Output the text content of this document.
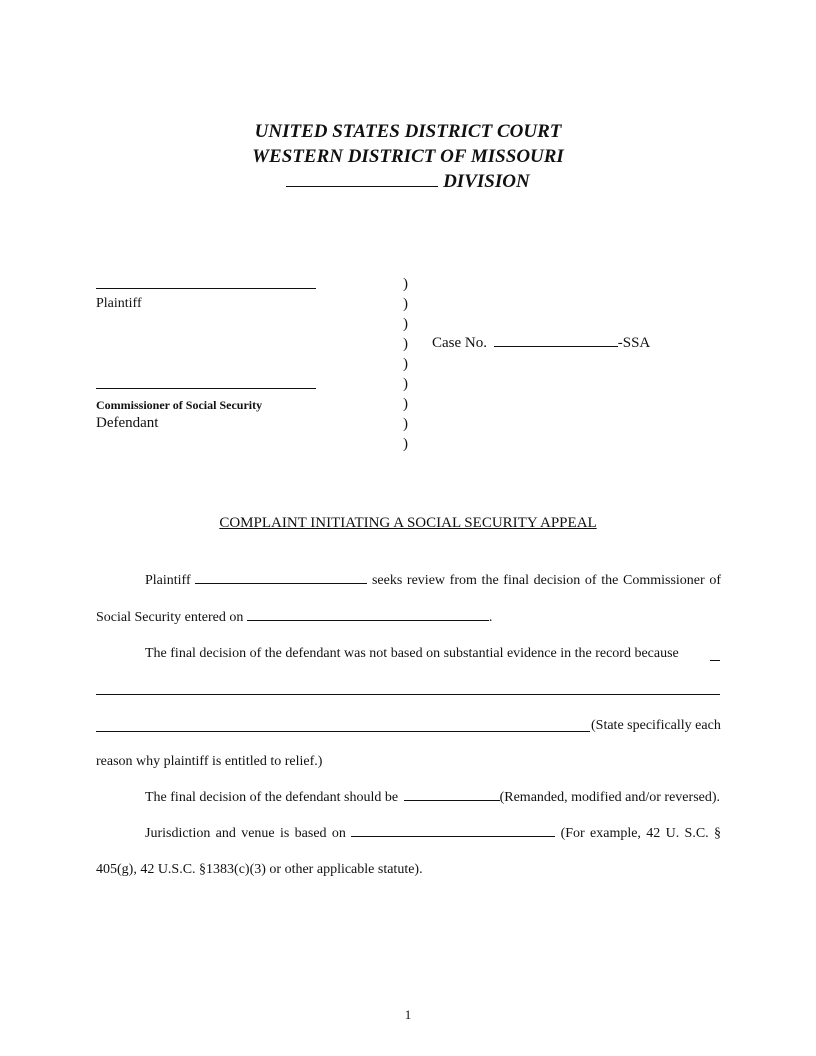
UNITED STATES DISTRICT COURT
WESTERN DISTRICT OF MISSOURI
DIVISION
Plaintiff
Commissioner of Social Security
Defendant
)
)
)
)
)
)
)
)
)
Case No.	-SSA
COMPLAINT INITIATING A SOCIAL SECURITY APPEAL
Plaintiff	seeks review from the final decision of the Commissioner of
Social Security entered on	.
The final decision of the defendant was not based on substantial evidence in the record because
(State specifically each
reason why plaintiff is entitled to relief.)
The final decision of the defendant should be	(Remanded, modified and/or reversed).
Jurisdiction and venue is based on	(For example, 42 U. S.C. §
405(g), 42 U.S.C. §1383(c)(3) or other applicable statute).
1
